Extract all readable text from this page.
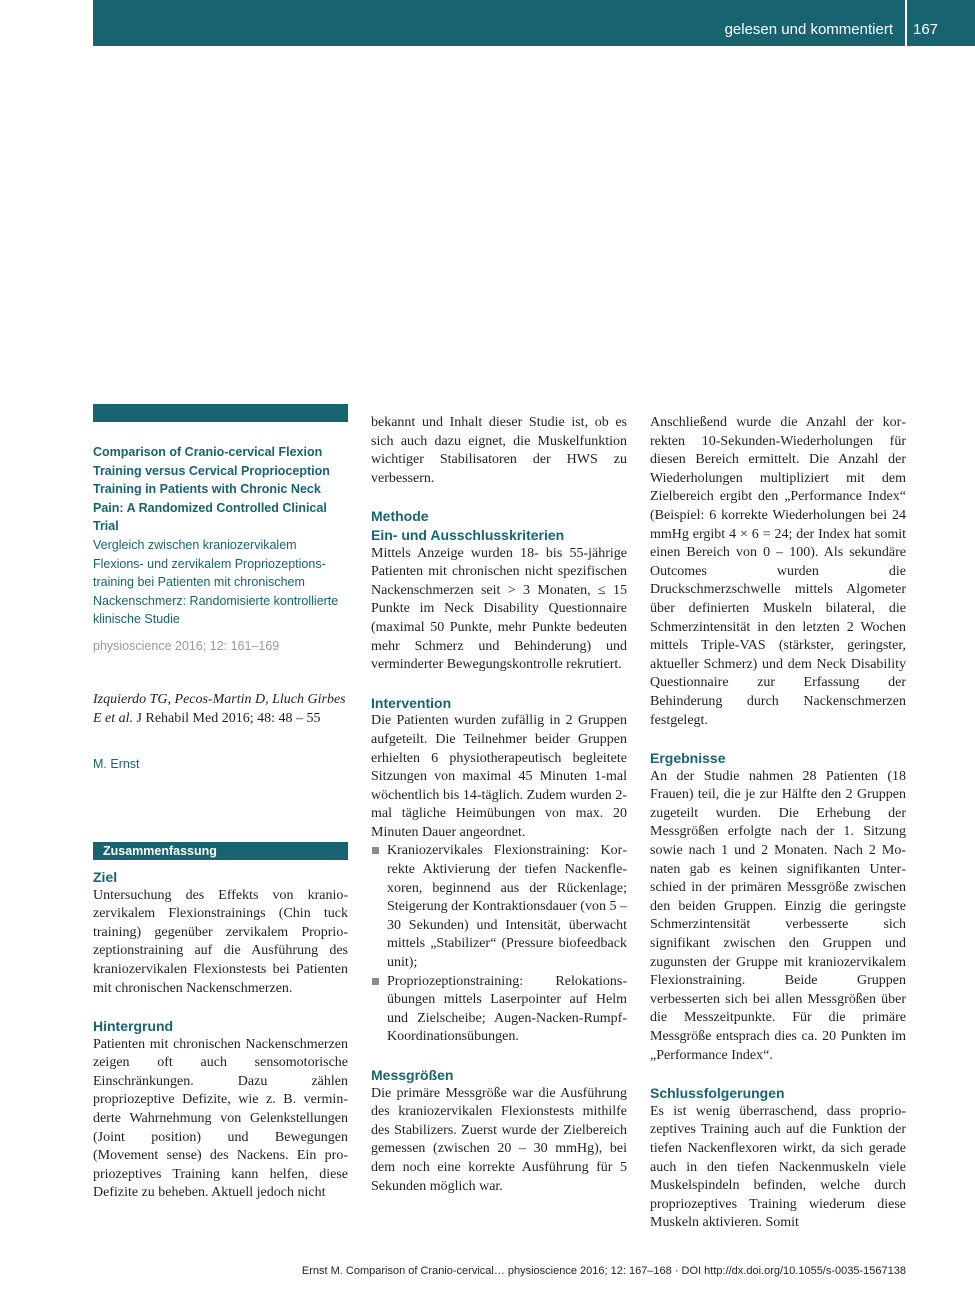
gelesen und kommentiert 167
Comparison of Cranio-cervical Flexion Training versus Cervical Proprioception Training in Patients with Chronic Neck Pain: A Randomized Controlled Clinical Trial
Vergleich zwischen kraniozervikalem Flexions- und zervikalem Propriozeptionstraining bei Patienten mit chronischem Nackenschmerz: Randomisierte kontrollierte klinische Studie
physioscience 2016; 12: 161–169
Izquierdo TG, Pecos-Martin D, Lluch Girbes E et al. J Rehabil Med 2016; 48: 48 – 55
M. Ernst
Zusammenfassung
Ziel

Untersuchung des Effekts von kraniozervikalem Flexionstrainings (Chin tuck training) gegenüber zervikalem Propriozeptionstraining auf die Ausführung des kraniozervikalen Flexionstests bei Patienten mit chronischen Nackenschmerzen.

Hintergrund

Patienten mit chronischen Nackenschmerzen zeigen oft auch sensomotorische Einschränkungen. Dazu zählen propriozeptive Defizite, wie z. B. verminderte Wahrnehmung von Gelenkstellungen (Joint position) und Bewegungen (Movement sense) des Nackens. Ein propriozeptives Training kann helfen, diese Defizite zu beheben. Aktuell jedoch nicht

bekannt und Inhalt dieser Studie ist, ob es sich auch dazu eignet, die Muskelfunktion wichtiger Stabilisatoren der HWS zu verbessern.

Methode
Ein- und Ausschlusskriterien

Mittels Anzeige wurden 18- bis 55-jährige Patienten mit chronischen nicht spezifischen Nackenschmerzen seit > 3 Monaten, ≤ 15 Punkte im Neck Disability Questionnaire (maximal 50 Punkte, mehr Punkte bedeuten mehr Schmerz und Behinderung) und verminderter Bewegungskontrolle rekrutiert.

Intervention

Die Patienten wurden zufällig in 2 Gruppen aufgeteilt. Die Teilnehmer beider Gruppen erhielten 6 physiotherapeutisch begleitete Sitzungen von maximal 45 Minuten 1-mal wöchentlich bis 14-täglich. Zudem wurden 2-mal tägliche Heimübungen von max. 20 Minuten Dauer angeordnet.

Kraniozervikales Flexionstraining: Korrekte Aktivierung der tiefen Nackenflexoren, beginnend aus der Rückenlage; Steigerung der Kontraktionsdauer (von 5 – 30 Sekunden) und Intensität, überwacht mittels „Stabilizer“ (Pressure biofeedback unit);
Propriozeptionstraining: Relokationsübungen mittels Laserpointer auf Helm und Zielscheibe; Augen-Nacken-Rumpf-Koordinationsübungen.
Messgrößen

Die primäre Messgröße war die Ausführung des kraniozervikalen Flexionstests mithilfe des Stabilizers. Zuerst wurde der Zielbereich gemessen (zwischen 20 – 30 mmHg), bei dem noch eine korrekte Ausführung für 5 Sekunden möglich war.

Anschließend wurde die Anzahl der korrekten 10-Sekunden-Wiederholungen für diesen Bereich ermittelt. Die Anzahl der Wiederholungen multipliziert mit dem Zielbereich ergibt den „Performance Index“ (Beispiel: 6 korrekte Wiederholungen bei 24 mmHg ergibt 4 × 6 = 24; der Index hat somit einen Bereich von 0 – 100). Als sekundäre Outcomes wurden die Druckschmerzschwelle mittels Algometer über definierten Muskeln bilateral, die Schmerzintensität in den letzten 2 Wochen mittels Triple-VAS (stärkster, geringster, aktueller Schmerz) und dem Neck Disability Questionnaire zur Erfassung der Behinderung durch Nackenschmerzen festgelegt.

Ergebnisse

An der Studie nahmen 28 Patienten (18 Frauen) teil, die je zur Hälfte den 2 Gruppen zugeteilt wurden. Die Erhebung der Messgrößen erfolgte nach der 1. Sitzung sowie nach 1 und 2 Monaten. Nach 2 Monaten gab es keinen signifikanten Unterschied in der primären Messgröße zwischen den beiden Gruppen. Einzig die geringste Schmerzintensität verbesserte sich signifikant zwischen den Gruppen und zugunsten der Gruppe mit kraniozervikalem Flexionstraining. Beide Gruppen verbesserten sich bei allen Messgrößen über die Messzeitpunkte. Für die primäre Messgröße entsprach dies ca. 20 Punkten im „Performance Index“.

Schlussfolgerungen

Es ist wenig überraschend, dass propriozeptives Training auch auf die Funktion der tiefen Nackenflexoren wirkt, da sich gerade auch in den tiefen Nackenmuskeln viele Muskelspindeln befinden, welche durch propriozeptives Training wiederum diese Muskeln aktivieren. Somit

Ernst M. Comparison of Cranio-cervical… physioscience 2016; 12: 167–168 · DOI http://dx.doi.org/10.1055/s-0035-1567138
